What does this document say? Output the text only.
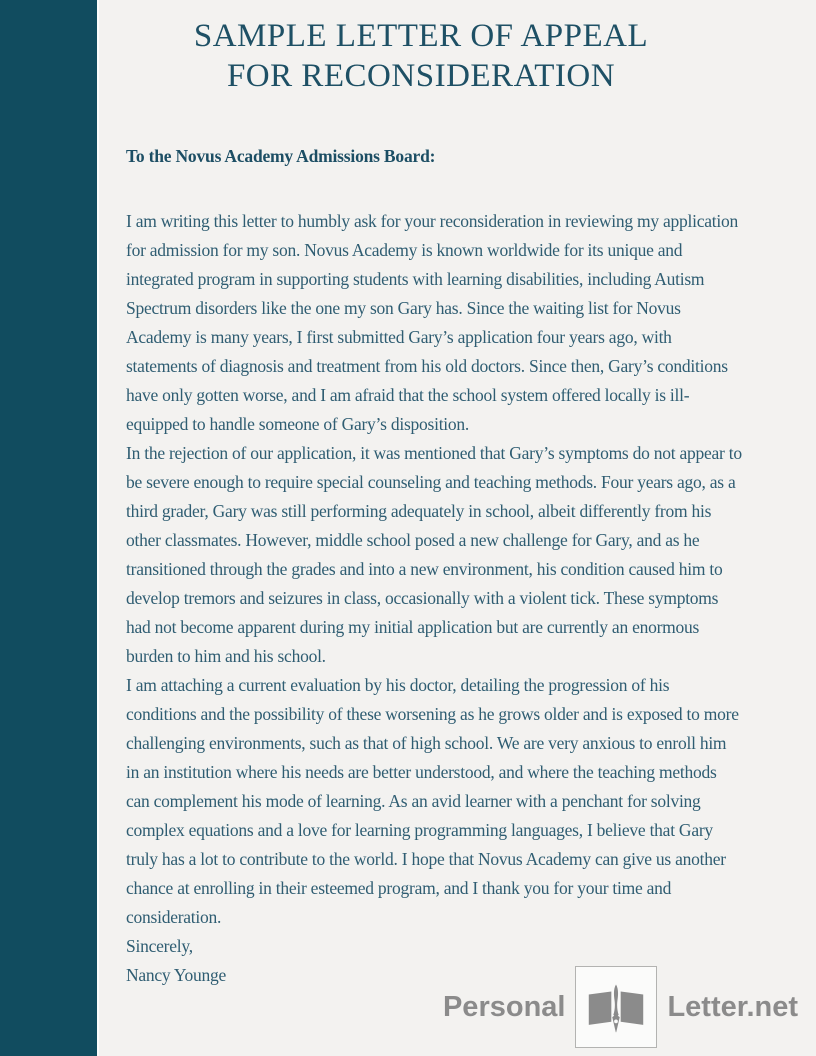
SAMPLE LETTER OF APPEAL
FOR RECONSIDERATION

To the Novus Academy Admissions Board:

I am writing this letter to humbly ask for your reconsideration in reviewing my application for admission for my son. Novus Academy is known worldwide for its unique and integrated program in supporting students with learning disabilities, including Autism Spectrum disorders like the one my son Gary has. Since the waiting list for Novus Academy is many years, I first submitted Gary’s application four years ago, with statements of diagnosis and treatment from his old doctors. Since then, Gary’s conditions have only gotten worse, and I am afraid that the school system offered locally is ill-equipped to handle someone of Gary’s disposition.

In the rejection of our application, it was mentioned that Gary’s symptoms do not appear to be severe enough to require special counseling and teaching methods. Four years ago, as a third grader, Gary was still performing adequately in school, albeit differently from his other classmates. However, middle school posed a new challenge for Gary, and as he transitioned through the grades and into a new environment, his condition caused him to develop tremors and seizures in class, occasionally with a violent tick. These symptoms had not become apparent during my initial application but are currently an enormous burden to him and his school.

I am attaching a current evaluation by his doctor, detailing the progression of his conditions and the possibility of these worsening as he grows older and is exposed to more challenging environments, such as that of high school. We are very anxious to enroll him in an institution where his needs are better understood, and where the teaching methods can complement his mode of learning. As an avid learner with a penchant for solving complex equations and a love for learning programming languages, I believe that Gary truly has a lot to contribute to the world. I hope that Novus Academy can give us another chance at enrolling in their esteemed program, and I thank you for your time and consideration.

Sincerely,

Nancy Younge

Personal	Letter.net
